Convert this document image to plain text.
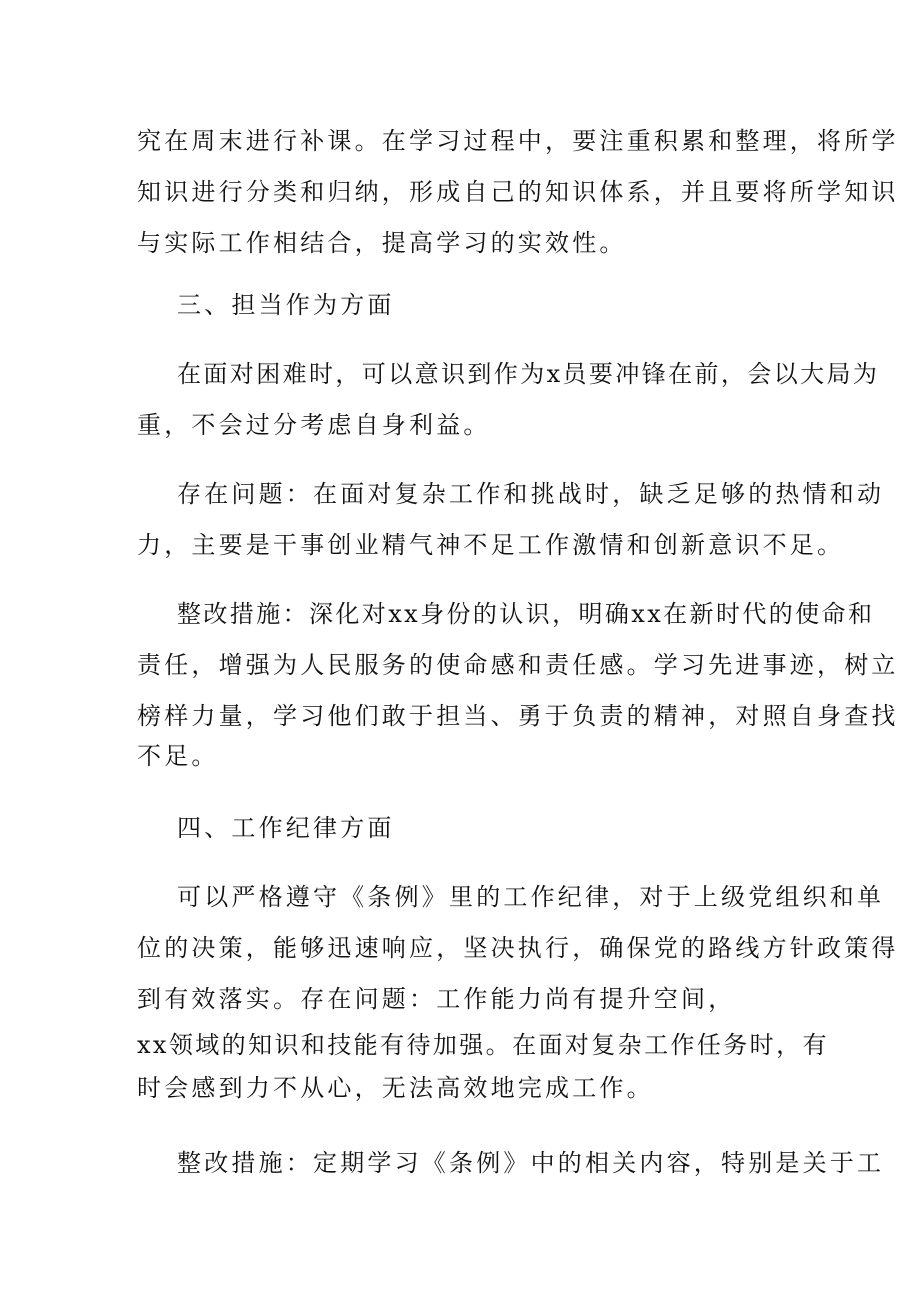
究在周末进行补课。在学习过程中，要注重积累和整理，将所学
知识进行分类和归纳，形成自己的知识体系，并且要将所学知识
与实际工作相结合，提高学习的实效性。
三、担当作为方面
在面对困难时，可以意识到作为x员要冲锋在前，会以大局为
重，不会过分考虑自身利益。
存在问题：在面对复杂工作和挑战时，缺乏足够的热情和动
力，主要是干事创业精气神不足工作激情和创新意识不足。
整改措施：深化对xx身份的认识，明确xx在新时代的使命和
责任，增强为人民服务的使命感和责任感。学习先进事迹，树立
榜样力量，学习他们敢于担当、勇于负责的精神，对照自身查找
不足。
四、工作纪律方面
可以严格遵守《条例》里的工作纪律，对于上级党组织和单
位的决策，能够迅速响应，坚决执行，确保党的路线方针政策得
到有效落实。存在问题：工作能力尚有提升空间，
xx领域的知识和技能有待加强。在面对复杂工作任务时，有
时会感到力不从心，无法高效地完成工作。
整改措施：定期学习《条例》中的相关内容，特别是关于工
